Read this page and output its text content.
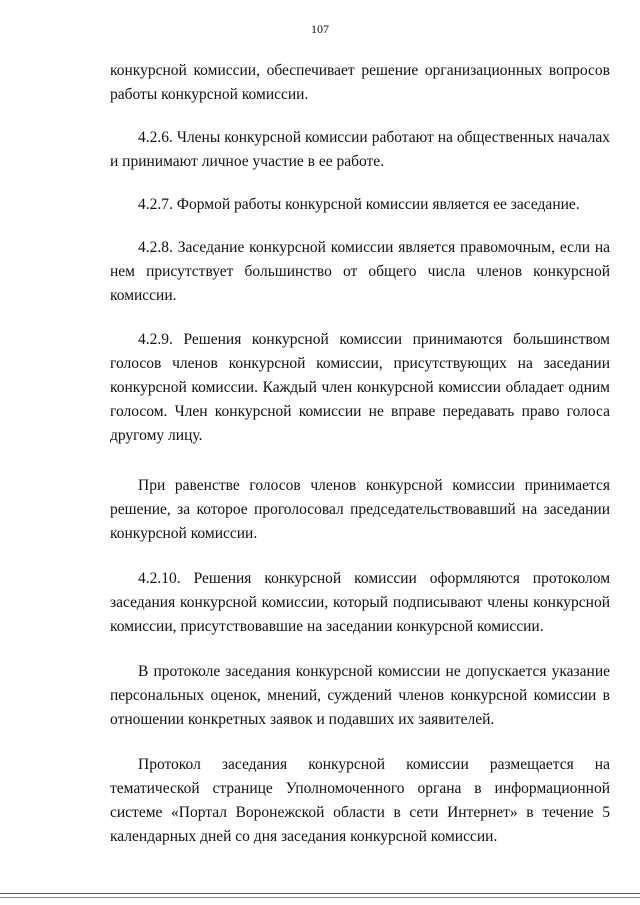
107

конкурсной комиссии, обеспечивает решение организационных вопросов работы конкурсной комиссии.

4.2.6. Члены конкурсной комиссии работают на общественных началах и принимают личное участие в ее работе.

4.2.7. Формой работы конкурсной комиссии является ее заседание.

4.2.8. Заседание конкурсной комиссии является правомочным, если на нем присутствует большинство от общего числа членов конкурсной комиссии.

4.2.9. Решения конкурсной комиссии принимаются большинством голосов членов конкурсной комиссии, присутствующих на заседании конкурсной комиссии. Каждый член конкурсной комиссии обладает одним голосом. Член конкурсной комиссии не вправе передавать право голоса другому лицу.

При равенстве голосов членов конкурсной комиссии принимается решение, за которое проголосовал председательствовавший на заседании конкурсной комиссии.

4.2.10. Решения конкурсной комиссии оформляются протоколом заседания конкурсной комиссии, который подписывают члены конкурсной комиссии, присутствовавшие на заседании конкурсной комиссии.

В протоколе заседания конкурсной комиссии не допускается указание персональных оценок, мнений, суждений членов конкурсной комиссии в отношении конкретных заявок и подавших их заявителей.

Протокол заседания конкурсной комиссии размещается на тематической странице Уполномоченного органа в информационной системе «Портал Воронежской области в сети Интернет» в течение 5 календарных дней со дня заседания конкурсной комиссии.
